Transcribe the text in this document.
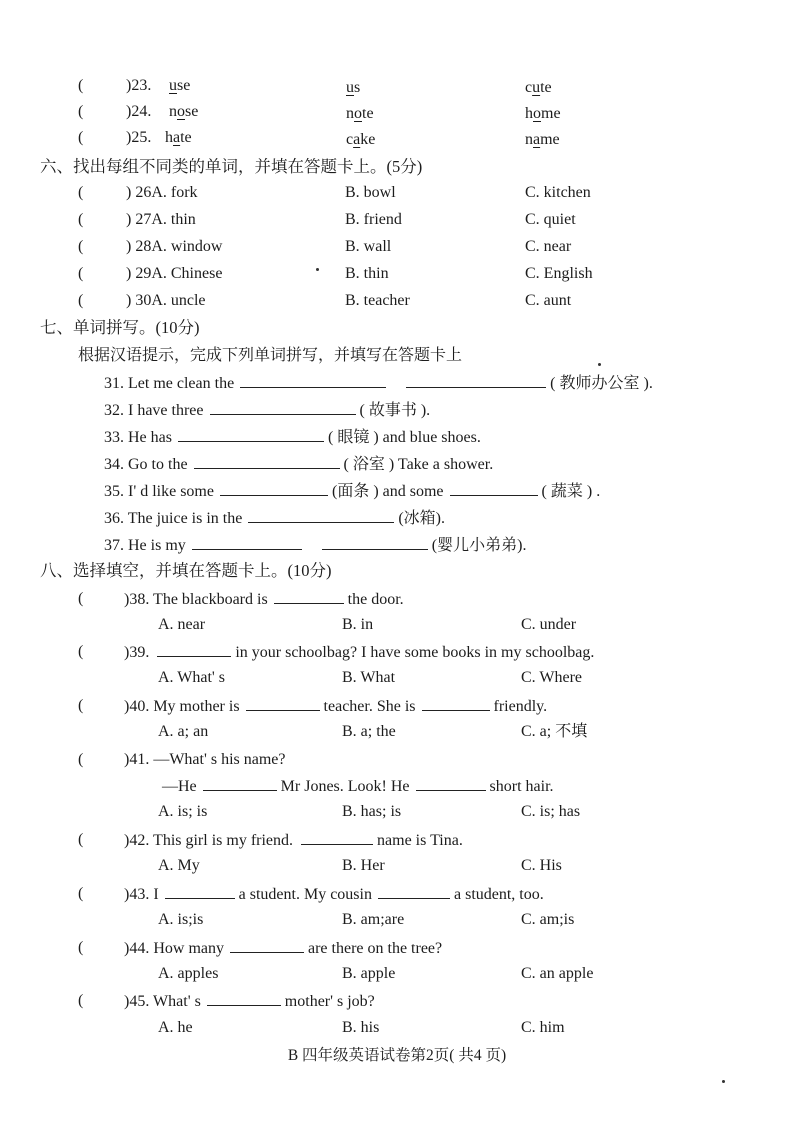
(	)23. use	us	cute
(	)24. nose	note	home
(	)25. hate	cake	name
六、找出每组不同类的单词，并填在答题卡上。(5分)
(	) 26A. fork	B. bowl	C. kitchen
(	) 27A. thin	B. friend	C. quiet
(	) 28A. window	B. wall	C. near
(	) 29A. Chinese	B. thin	C. English
(	) 30A. uncle	B. teacher	C. aunt
七、单词拼写。(10分)
根据汉语提示，完成下列单词拼写，并填写在答题卡上
31. Let me clean the	( 教师办公室 ).
32. I have three	( 故事书 ).
33. He has	( 眼镜 ) and blue shoes.
34. Go to the	( 浴室 ) Take a shower.
35. I' d like some	(面条 ) and some	( 蔬菜 ) .
36. The juice is in the	(冰箱).
37. He is my	(婴儿小弟弟).
八、选择填空，并填在答题卡上。(10分)
(	)38. The blackboard is	the door.
A. near	B. in	C. under
(	)39.	in your schoolbag? I have some books in my schoolbag.
A. What' s	B. What	C. Where
(	)40. My mother is	teacher. She is	friendly.
A. a; an	B. a; the	C. a; 不填
(	)41. —What' s his name?
—He	Mr Jones. Look! He	short hair.
A. is; is	B. has; is	C. is; has
(	)42. This girl is my friend.	name is Tina.
A. My	B. Her	C. His
(	)43. I	a student. My cousin	a student, too.
A. is;is	B. am;are	C. am;is
(	)44. How many	are there on the tree?
A. apples	B. apple	C. an apple
(	)45. What' s	mother' s job?
A. he	B. his	C. him
B 四年级英语试卷第2页( 共4 页)
